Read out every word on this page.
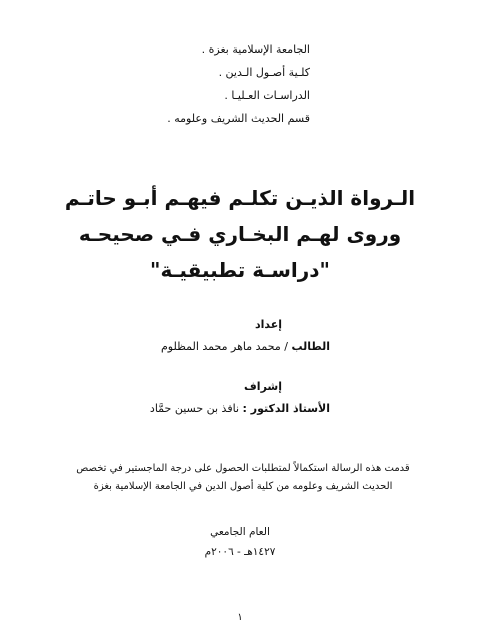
الجامعة الإسلامية بغزة .
كلـية أصـول الـدين .
الدراسـات العـليـا .
قسم الحديث الشريف وعلومه .
الـرواة الذيـن تكلـم فيهـم أبـو حاتـم
وروى لهـم البخـاري فـي صحيحـه
"دراسـة تطبيقيـة"
إعداد
الطالب / محمد ماهر محمد المظلوم
إشراف
الأستاذ الدكتور : نافذ بن حسين حمَّاد
قدمت هذه الرسالة استكمالاً لمتطلبات الحصول على درجة الماجستير في تخصص
الحديث الشريف وعلومه من كلية أصول الدين في الجامعة الإسلامية بغزة
العام الجامعي
١٤٢٧هـ - ٢٠٠٦م
١
